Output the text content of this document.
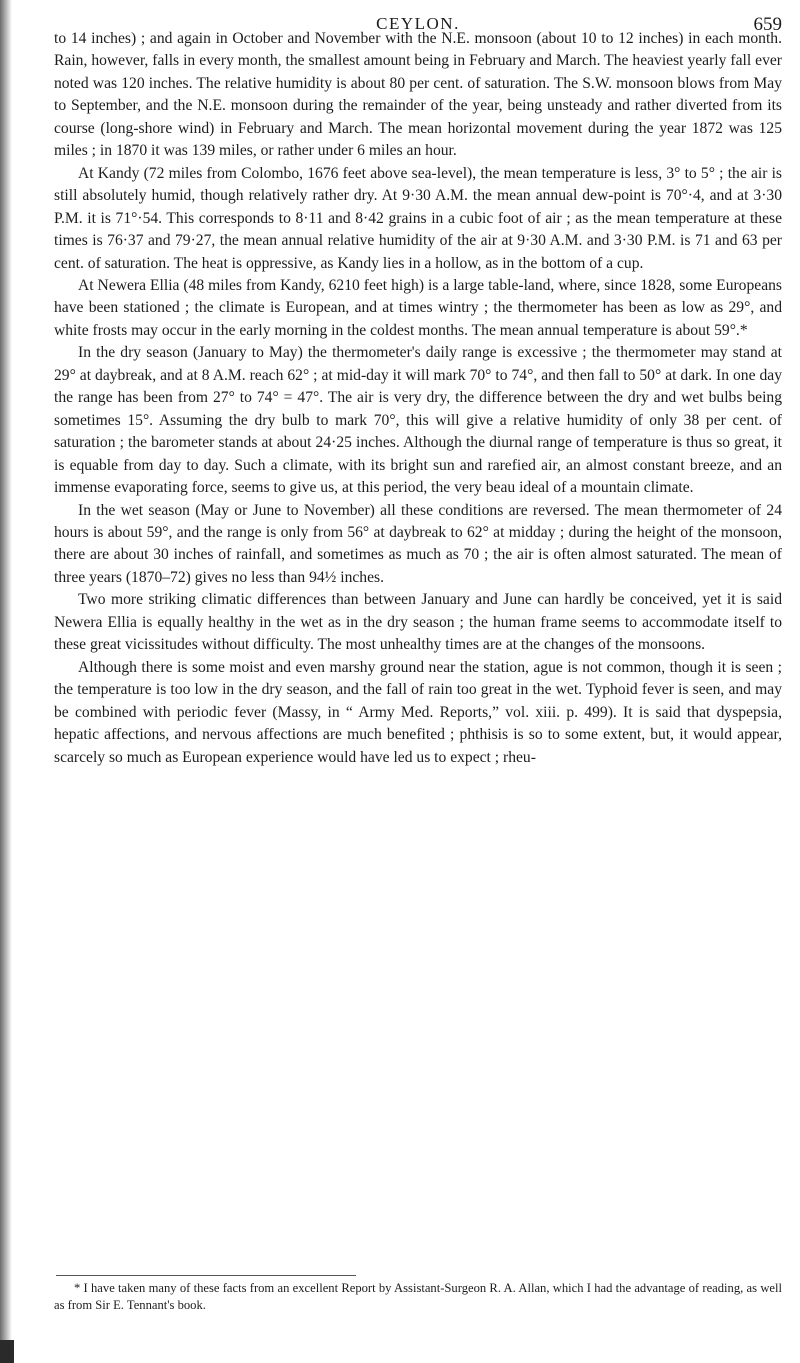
CEYLON.	659

to 14 inches) ; and again in October and November with the N.E. monsoon (about 10 to 12 inches) in each month. Rain, however, falls in every month, the smallest amount being in February and March. The heaviest yearly fall ever noted was 120 inches. The relative humidity is about 80 per cent. of saturation. The S.W. monsoon blows from May to September, and the N.E. monsoon during the remainder of the year, being unsteady and rather diverted from its course (long-shore wind) in February and March. The mean horizontal movement during the year 1872 was 125 miles ; in 1870 it was 139 miles, or rather under 6 miles an hour.

At Kandy (72 miles from Colombo, 1676 feet above sea-level), the mean temperature is less, 3° to 5° ; the air is still absolutely humid, though relatively rather dry. At 9·30 A.M. the mean annual dew-point is 70°·4, and at 3·30 P.M. it is 71°·54. This corresponds to 8·11 and 8·42 grains in a cubic foot of air ; as the mean temperature at these times is 76·37 and 79·27, the mean annual relative humidity of the air at 9·30 A.M. and 3·30 P.M. is 71 and 63 per cent. of saturation. The heat is oppressive, as Kandy lies in a hollow, as in the bottom of a cup.

At Newera Ellia (48 miles from Kandy, 6210 feet high) is a large table-land, where, since 1828, some Europeans have been stationed ; the climate is European, and at times wintry ; the thermometer has been as low as 29°, and white frosts may occur in the early morning in the coldest months. The mean annual temperature is about 59°.*

In the dry season (January to May) the thermometer's daily range is excessive ; the thermometer may stand at 29° at daybreak, and at 8 A.M. reach 62° ; at mid-day it will mark 70° to 74°, and then fall to 50° at dark. In one day the range has been from 27° to 74° = 47°. The air is very dry, the difference between the dry and wet bulbs being sometimes 15°. Assuming the dry bulb to mark 70°, this will give a relative humidity of only 38 per cent. of saturation ; the barometer stands at about 24·25 inches. Although the diurnal range of temperature is thus so great, it is equable from day to day. Such a climate, with its bright sun and rarefied air, an almost constant breeze, and an immense evaporating force, seems to give us, at this period, the very beau ideal of a mountain climate.

In the wet season (May or June to November) all these conditions are reversed. The mean thermometer of 24 hours is about 59°, and the range is only from 56° at daybreak to 62° at midday ; during the height of the monsoon, there are about 30 inches of rainfall, and sometimes as much as 70 ; the air is often almost saturated. The mean of three years (1870–72) gives no less than 94½ inches.

Two more striking climatic differences than between January and June can hardly be conceived, yet it is said Newera Ellia is equally healthy in the wet as in the dry season ; the human frame seems to accommodate itself to these great vicissitudes without difficulty. The most unhealthy times are at the changes of the monsoons.

Although there is some moist and even marshy ground near the station, ague is not common, though it is seen ; the temperature is too low in the dry season, and the fall of rain too great in the wet. Typhoid fever is seen, and may be combined with periodic fever (Massy, in “ Army Med. Reports,” vol. xiii. p. 499). It is said that dyspepsia, hepatic affections, and nervous affections are much benefited ; phthisis is so to some extent, but, it would appear, scarcely so much as European experience would have led us to expect ; rheu-

* I have taken many of these facts from an excellent Report by Assistant-Surgeon R. A. Allan, which I had the advantage of reading, as well as from Sir E. Tennant's book.
